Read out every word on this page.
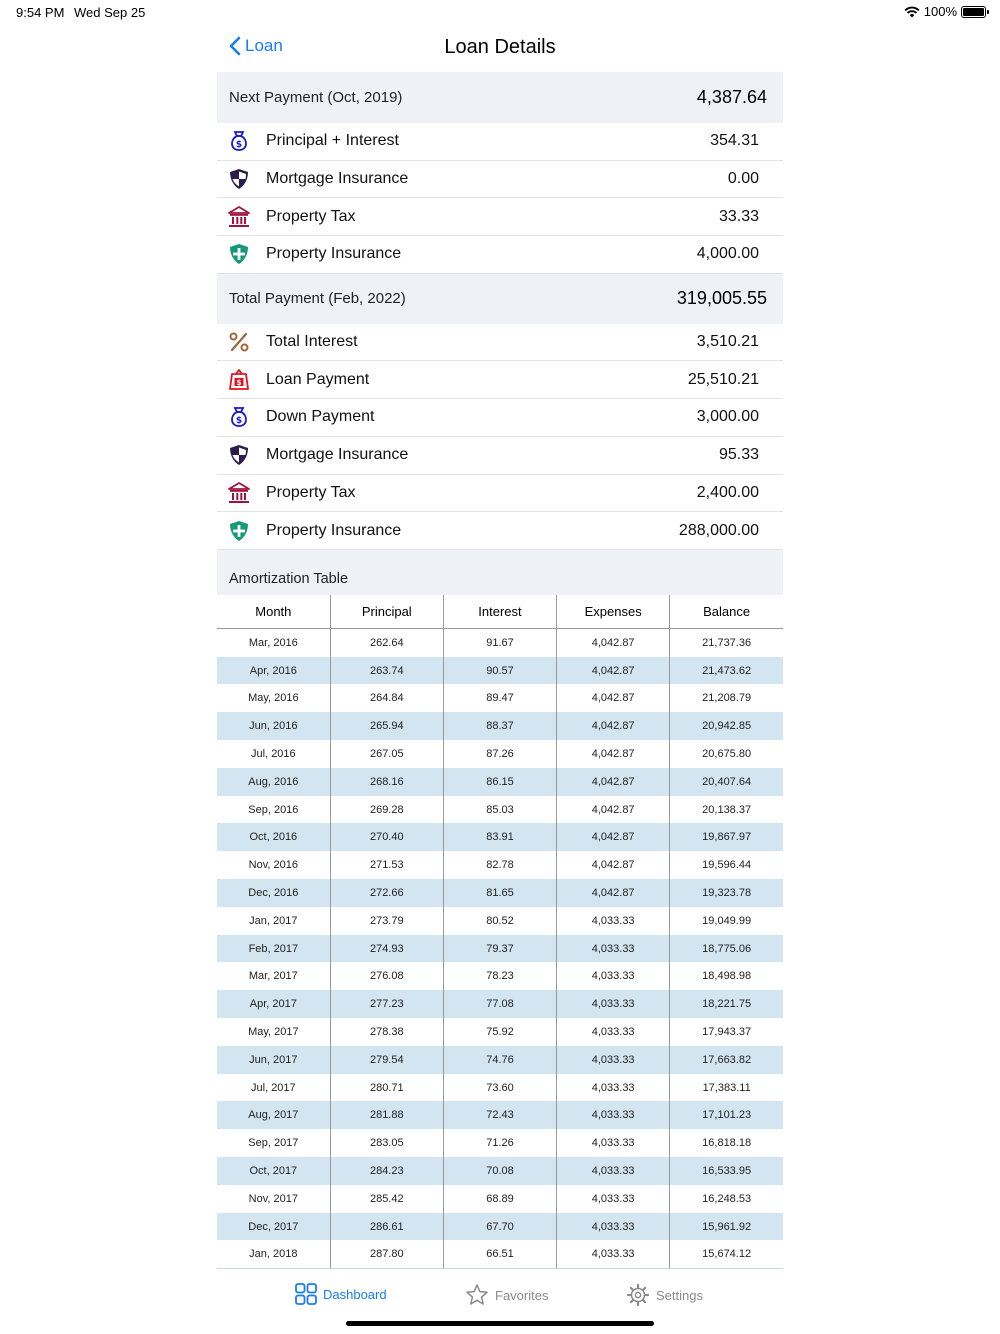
9:54 PM Wed Sep 25	100%
Loan	Loan Details
Next Payment (Oct, 2019)	4,387.64
$ Principal + Interest	354.31
Mortgage Insurance	0.00
Property Tax	33.33
Property Insurance	4,000.00
Total Payment (Feb, 2022)	319,005.55
Total Interest	3,510.21
$ Loan Payment	25,510.21
$ Down Payment	3,000.00
Mortgage Insurance	95.33
Property Tax	2,400.00
Property Insurance	288,000.00
Amortization Table
Month	Principal	Interest	Expenses	Balance
Mar, 2016	262.64	91.67	4,042.87	21,737.36
Apr, 2016	263.74	90.57	4,042.87	21,473.62
May, 2016	264.84	89.47	4,042.87	21,208.79
Jun, 2016	265.94	88.37	4,042.87	20,942.85
Jul, 2016	267.05	87.26	4,042.87	20,675.80
Aug, 2016	268.16	86.15	4,042.87	20,407.64
Sep, 2016	269.28	85.03	4,042.87	20,138.37
Oct, 2016	270.40	83.91	4,042.87	19,867.97
Nov, 2016	271.53	82.78	4,042.87	19,596.44
Dec, 2016	272.66	81.65	4,042.87	19,323.78
Jan, 2017	273.79	80.52	4,033.33	19,049.99
Feb, 2017	274.93	79.37	4,033.33	18,775.06
Mar, 2017	276.08	78.23	4,033.33	18,498.98
Apr, 2017	277.23	77.08	4,033.33	18,221.75
May, 2017	278.38	75.92	4,033.33	17,943.37
Jun, 2017	279.54	74.76	4,033.33	17,663.82
Jul, 2017	280.71	73.60	4,033.33	17,383.11
Aug, 2017	281.88	72.43	4,033.33	17,101.23
Sep, 2017	283.05	71.26	4,033.33	16,818.18
Oct, 2017	284.23	70.08	4,033.33	16,533.95
Nov, 2017	285.42	68.89	4,033.33	16,248.53
Dec, 2017	286.61	67.70	4,033.33	15,961.92
Jan, 2018	287.80	66.51	4,033.33	15,674.12
Dashboard	Favorites	Settings
